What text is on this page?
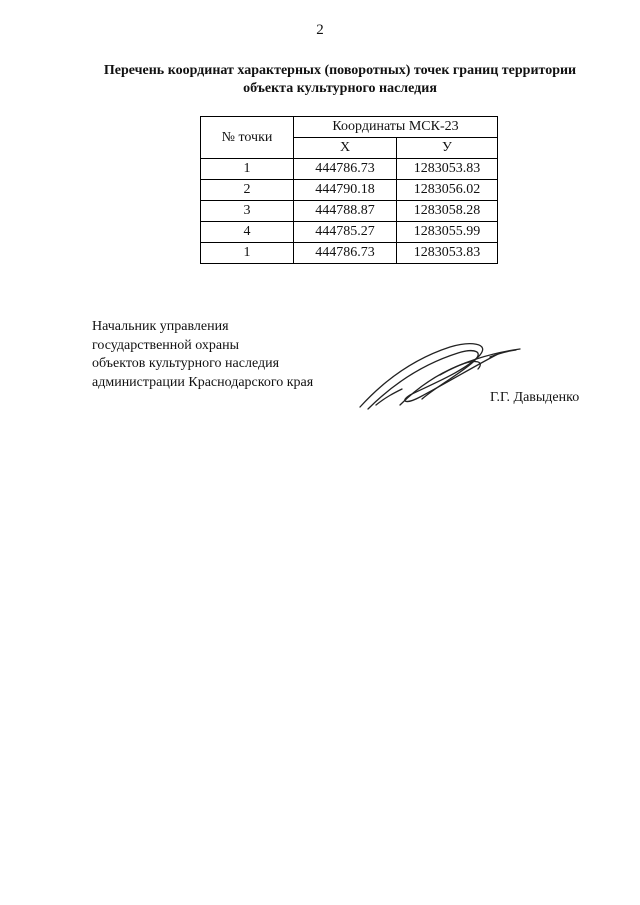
2
Перечень координат характерных (поворотных) точек границ территории
объекта культурного наследия
№ точки	Координаты МСК-23	
	Х	У
1	444786.73	1283053.83
2	444790.18	1283056.02
3	444788.87	1283058.28
4	444785.27	1283055.99
1	444786.73	1283053.83
Начальник управления
государственной охраны
объектов культурного наследия
администрации Краснодарского края
Г.Г. Давыденко
